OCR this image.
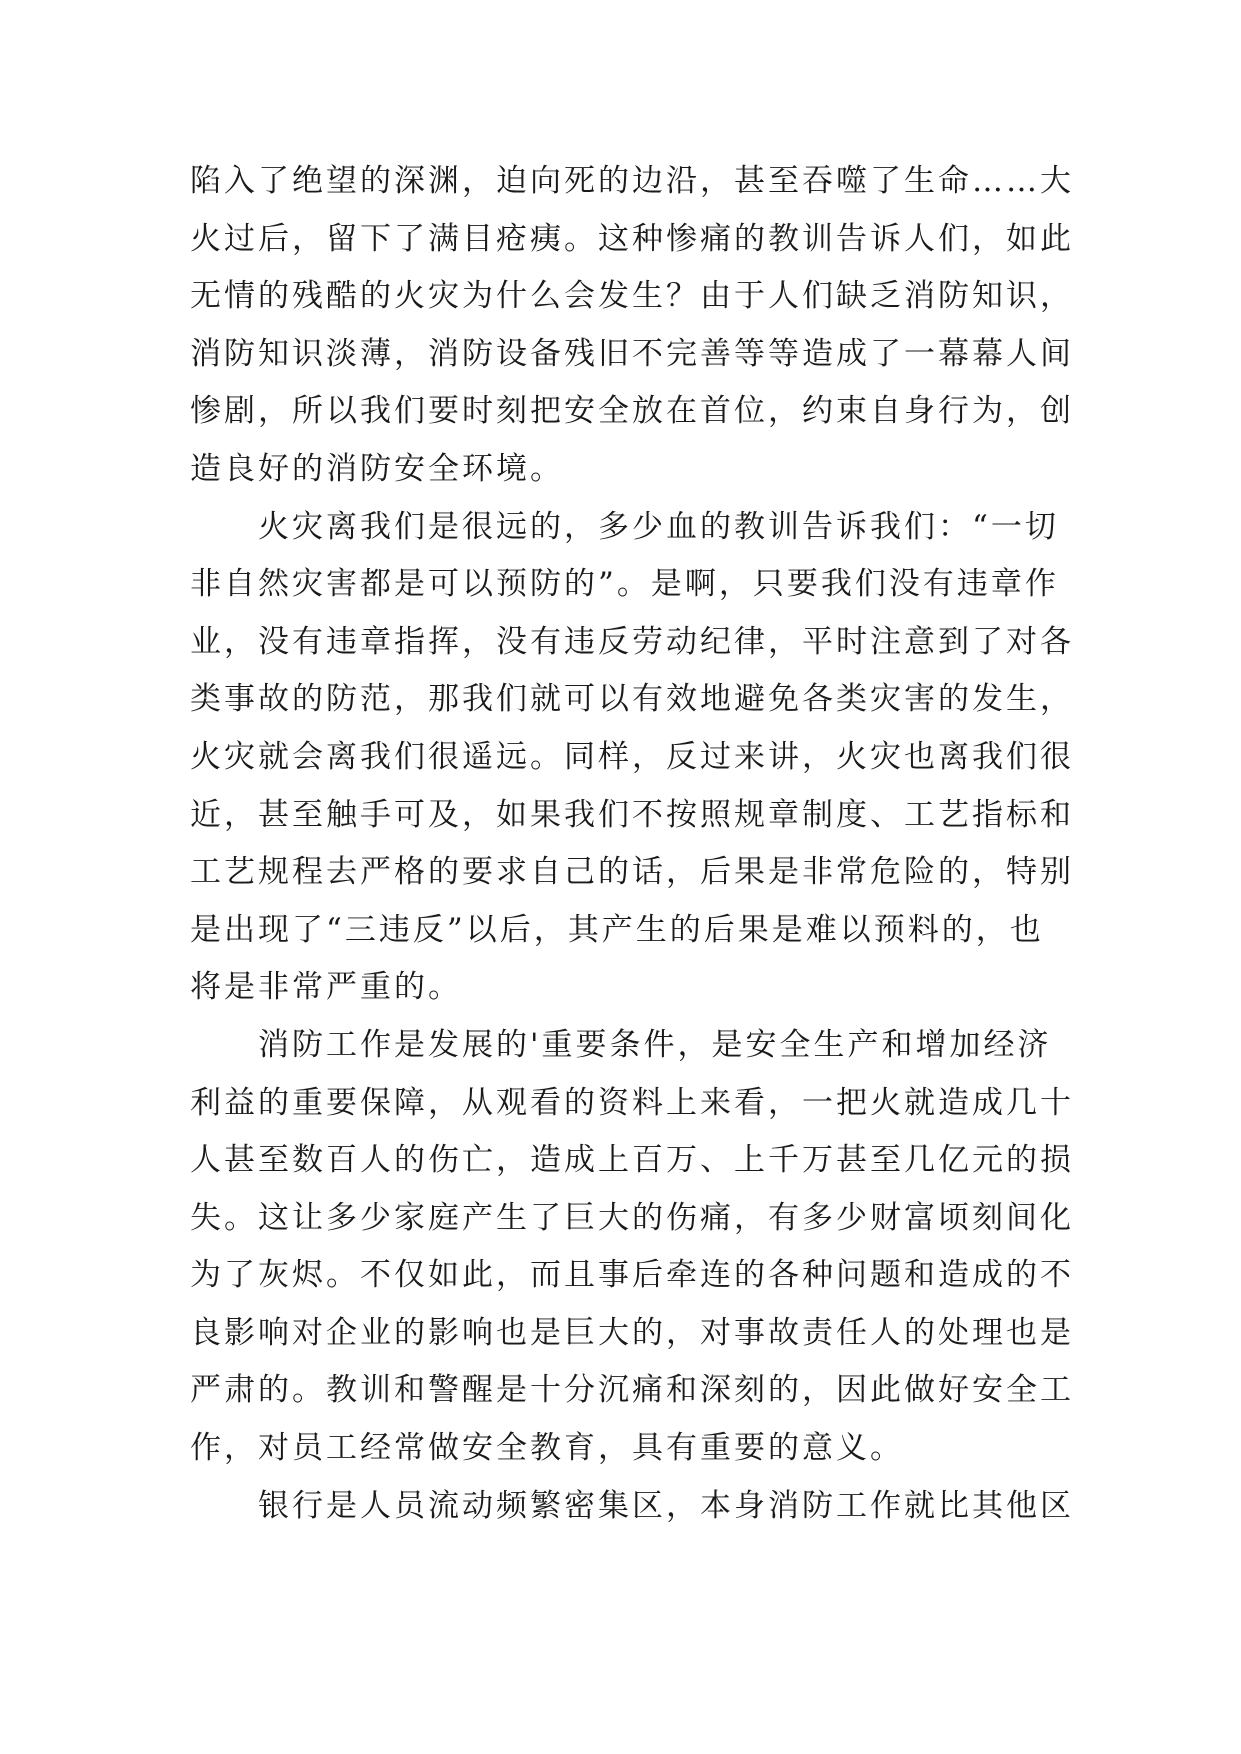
陷入了绝望的深渊，迫向死的边沿，甚至吞噬了生命……大
火过后，留下了满目疮痍。这种惨痛的教训告诉人们，如此
无情的残酷的火灾为什么会发生？由于人们缺乏消防知识，
消防知识淡薄，消防设备残旧不完善等等造成了一幕幕人间
惨剧，所以我们要时刻把安全放在首位，约束自身行为，创
造良好的消防安全环境。
火灾离我们是很远的，多少血的教训告诉我们：“一切
非自然灾害都是可以预防的”。是啊，只要我们没有违章作
业，没有违章指挥，没有违反劳动纪律，平时注意到了对各
类事故的防范，那我们就可以有效地避免各类灾害的发生，
火灾就会离我们很遥远。同样，反过来讲，火灾也离我们很
近，甚至触手可及，如果我们不按照规章制度、工艺指标和
工艺规程去严格的要求自己的话，后果是非常危险的，特别
是出现了“三违反”以后，其产生的后果是难以预料的，也
将是非常严重的。
消防工作是发展的'重要条件，是安全生产和增加经济
利益的重要保障，从观看的资料上来看，一把火就造成几十
人甚至数百人的伤亡，造成上百万、上千万甚至几亿元的损
失。这让多少家庭产生了巨大的伤痛，有多少财富顷刻间化
为了灰烬。不仅如此，而且事后牵连的各种问题和造成的不
良影响对企业的影响也是巨大的，对事故责任人的处理也是
严肃的。教训和警醒是十分沉痛和深刻的，因此做好安全工
作，对员工经常做安全教育，具有重要的意义。
银行是人员流动频繁密集区，本身消防工作就比其他区
